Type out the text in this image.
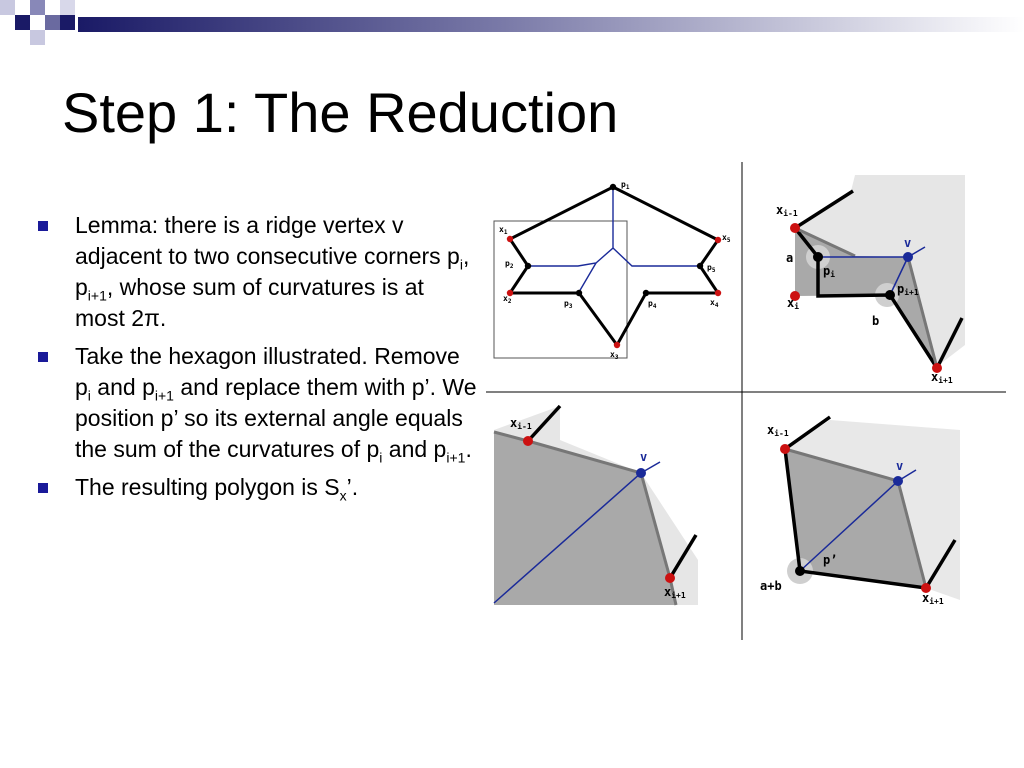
Step 1: The Reduction
Lemma: there is a ridge vertex v adjacent to two consecutive corners $p_i$, $p_{i+1}$, whose sum of curvatures is at most 2π.
Take the hexagon illustrated. Remove $p_i$ and $p_{i+1}$ and replace them with p’. We position p’ so its external angle equals the sum of the curvatures of $p_i$ and $p_{i+1}$.
The resulting polygon is $S_x$’.
$p_1$
$x_1$
$p_2$
$x_2$	$p_3$
$x_3$
$p_4$	$x_4$
$p_5$
$x_5$
xi-1
a
pi
xi
v
pi+1
b
xi+1
xi-1
v
xi+1
xi-1
v
p’
a+b
xi+1
